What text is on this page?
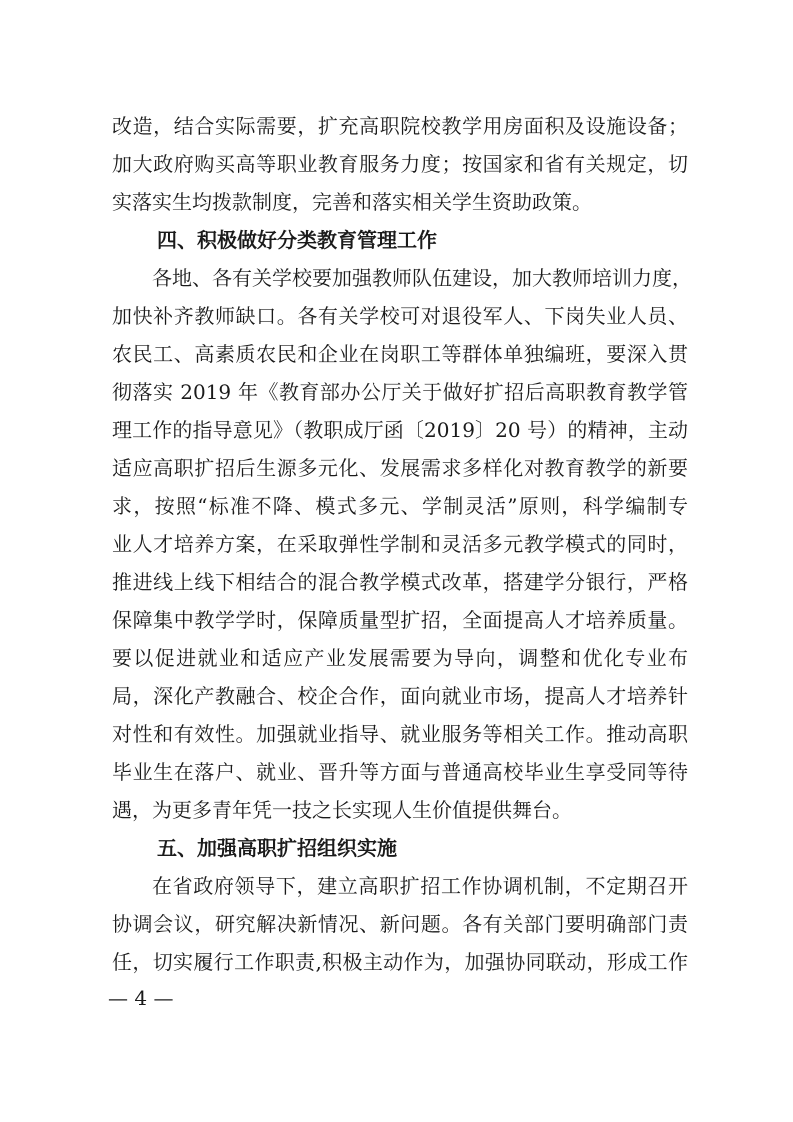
改造，结合实际需要，扩充高职院校教学用房面积及设施设备；
加大政府购买高等职业教育服务力度；按国家和省有关规定，切
实落实生均拨款制度，完善和落实相关学生资助政策。
四、积极做好分类教育管理工作
各地、各有关学校要加强教师队伍建设，加大教师培训力度，
加快补齐教师缺口。各有关学校可对退役军人、下岗失业人员、
农民工、高素质农民和企业在岗职工等群体单独编班，要深入贯
彻落实 2019 年《教育部办公厅关于做好扩招后高职教育教学管
理工作的指导意见》（教职成厅函〔2019〕20 号）的精神，主动
适应高职扩招后生源多元化、发展需求多样化对教育教学的新要
求，按照“标准不降、模式多元、学制灵活”原则，科学编制专
业人才培养方案，在采取弹性学制和灵活多元教学模式的同时，
推进线上线下相结合的混合教学模式改革，搭建学分银行，严格
保障集中教学学时，保障质量型扩招，全面提高人才培养质量。
要以促进就业和适应产业发展需要为导向，调整和优化专业布
局，深化产教融合、校企合作，面向就业市场，提高人才培养针
对性和有效性。加强就业指导、就业服务等相关工作。推动高职
毕业生在落户、就业、晋升等方面与普通高校毕业生享受同等待
遇，为更多青年凭一技之长实现人生价值提供舞台。
五、加强高职扩招组织实施
在省政府领导下，建立高职扩招工作协调机制，不定期召开
协调会议，研究解决新情况、新问题。各有关部门要明确部门责
任，切实履行工作职责,积极主动作为，加强协同联动，形成工作
— 4 —
